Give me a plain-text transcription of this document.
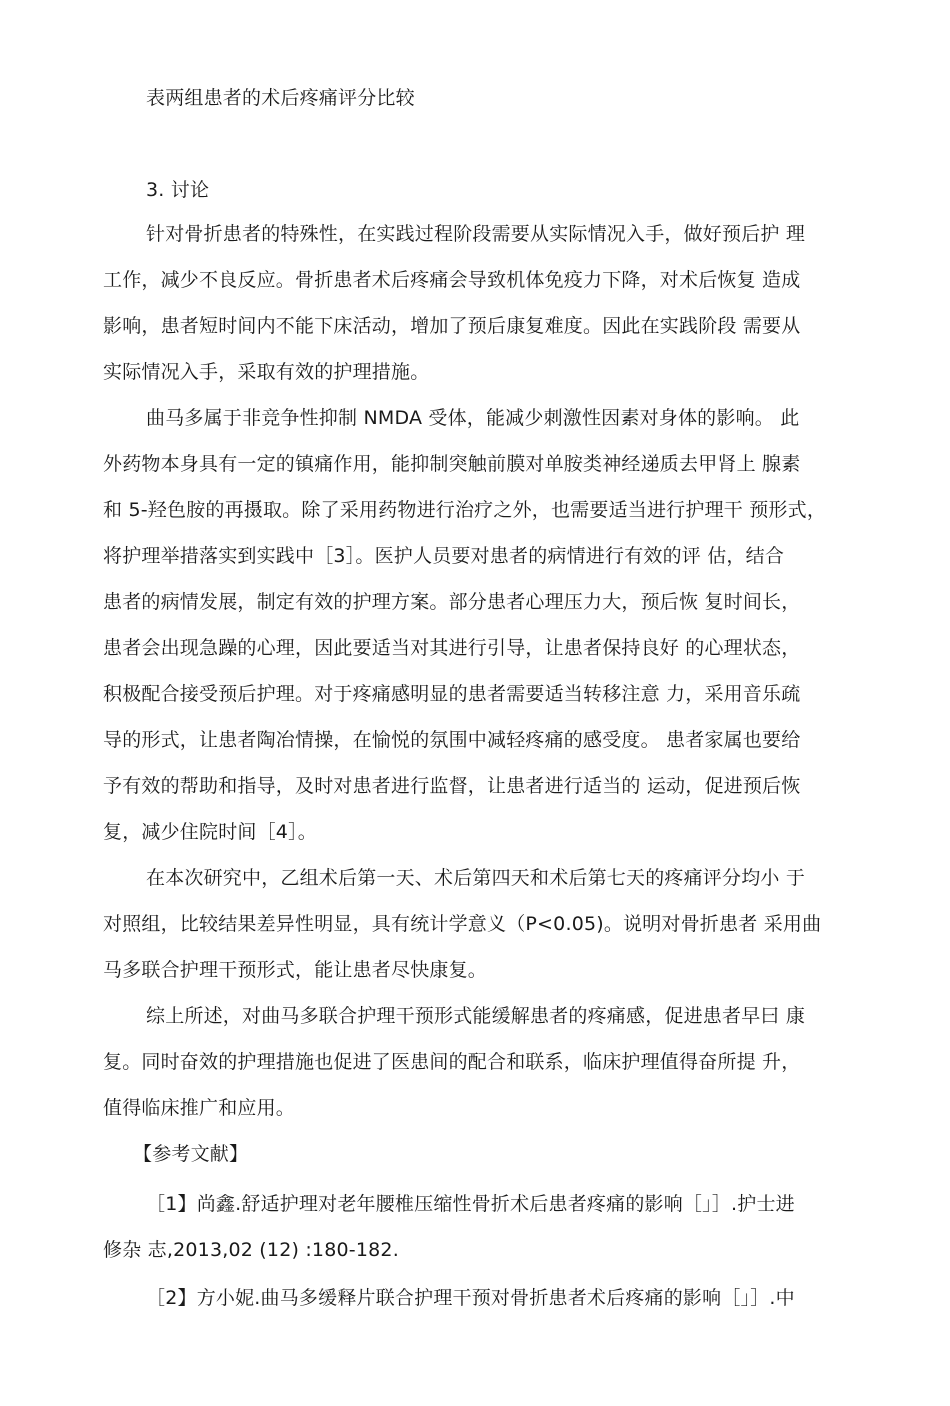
表两组患者的术后疼痛评分比较
3. 讨论
针对骨折患者的特殊性，在实践过程阶段需要从实际情况入手，做好预后护 理
工作，减少不良反应。骨折患者术后疼痛会导致机体免疫力下降，对术后恢复 造成
影响，患者短时间内不能下床活动，增加了预后康复难度。因此在实践阶段 需要从
实际情况入手，采取有效的护理措施。
曲马多属于非竞争性抑制 NMDA 受体，能减少刺激性因素对身体的影响。 此
外药物本身具有一定的镇痛作用，能抑制突触前膜对单胺类神经递质去甲肾上 腺素
和 5-羟色胺的再摄取。除了采用药物进行治疗之外，也需要适当进行护理干 预形式，
将护理举措落实到实践中［3］。医护人员要对患者的病情进行有效的评 估，结合
患者的病情发展，制定有效的护理方案。部分患者心理压力大，预后恢 复时间长，
患者会出现急躁的心理，因此要适当对其进行引导，让患者保持良好 的心理状态，
积极配合接受预后护理。对于疼痛感明显的患者需要适当转移注意 力，采用音乐疏
导的形式，让患者陶冶情操，在愉悦的氛围中减轻疼痛的感受度。 患者家属也要给
予有效的帮助和指导，及时对患者进行监督，让患者进行适当的 运动，促进预后恢
复，减少住院时间［4］。
在本次研究中，乙组术后第一天、术后第四天和术后第七天的疼痛评分均小 于
对照组，比较结果差异性明显，具有统计学意义（P<0.05)。说明对骨折患者 采用曲
马多联合护理干预形式，能让患者尽快康复。
综上所述，对曲马多联合护理干预形式能缓解患者的疼痛感，促进患者早曰 康
复。同时奋效的护理措施也促进了医患间的配合和联系，临床护理值得奋所提 升，
值得临床推广和应用。
【参考文献】
［1】尚鑫.舒适护理对老年腰椎压缩性骨折术后患者疼痛的影响［」］.护士进
修杂 志,2013,02 (12) :180-182.
［2】方小妮.曲马多缓释片联合护理干预对骨折患者术后疼痛的影响［」］.中
